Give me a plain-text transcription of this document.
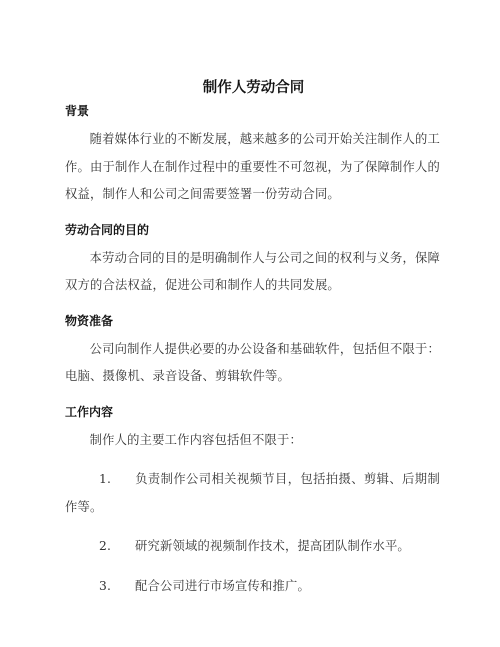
制作人劳动合同
背景

随着媒体行业的不断发展，越来越多的公司开始关注制作人的工作。由于制作人在制作过程中的重要性不可忽视，为了保障制作人的权益，制作人和公司之间需要签署一份劳动合同。

劳动合同的目的

本劳动合同的目的是明确制作人与公司之间的权利与义务，保障双方的合法权益，促进公司和制作人的共同发展。

物资准备

公司向制作人提供必要的办公设备和基础软件，包括但不限于：电脑、摄像机、录音设备、剪辑软件等。

工作内容

制作人的主要工作内容包括但不限于：

1. 负责制作公司相关视频节目，包括拍摄、剪辑、后期制作等。
2. 研究新领域的视频制作技术，提高团队制作水平。
3. 配合公司进行市场宣传和推广。
